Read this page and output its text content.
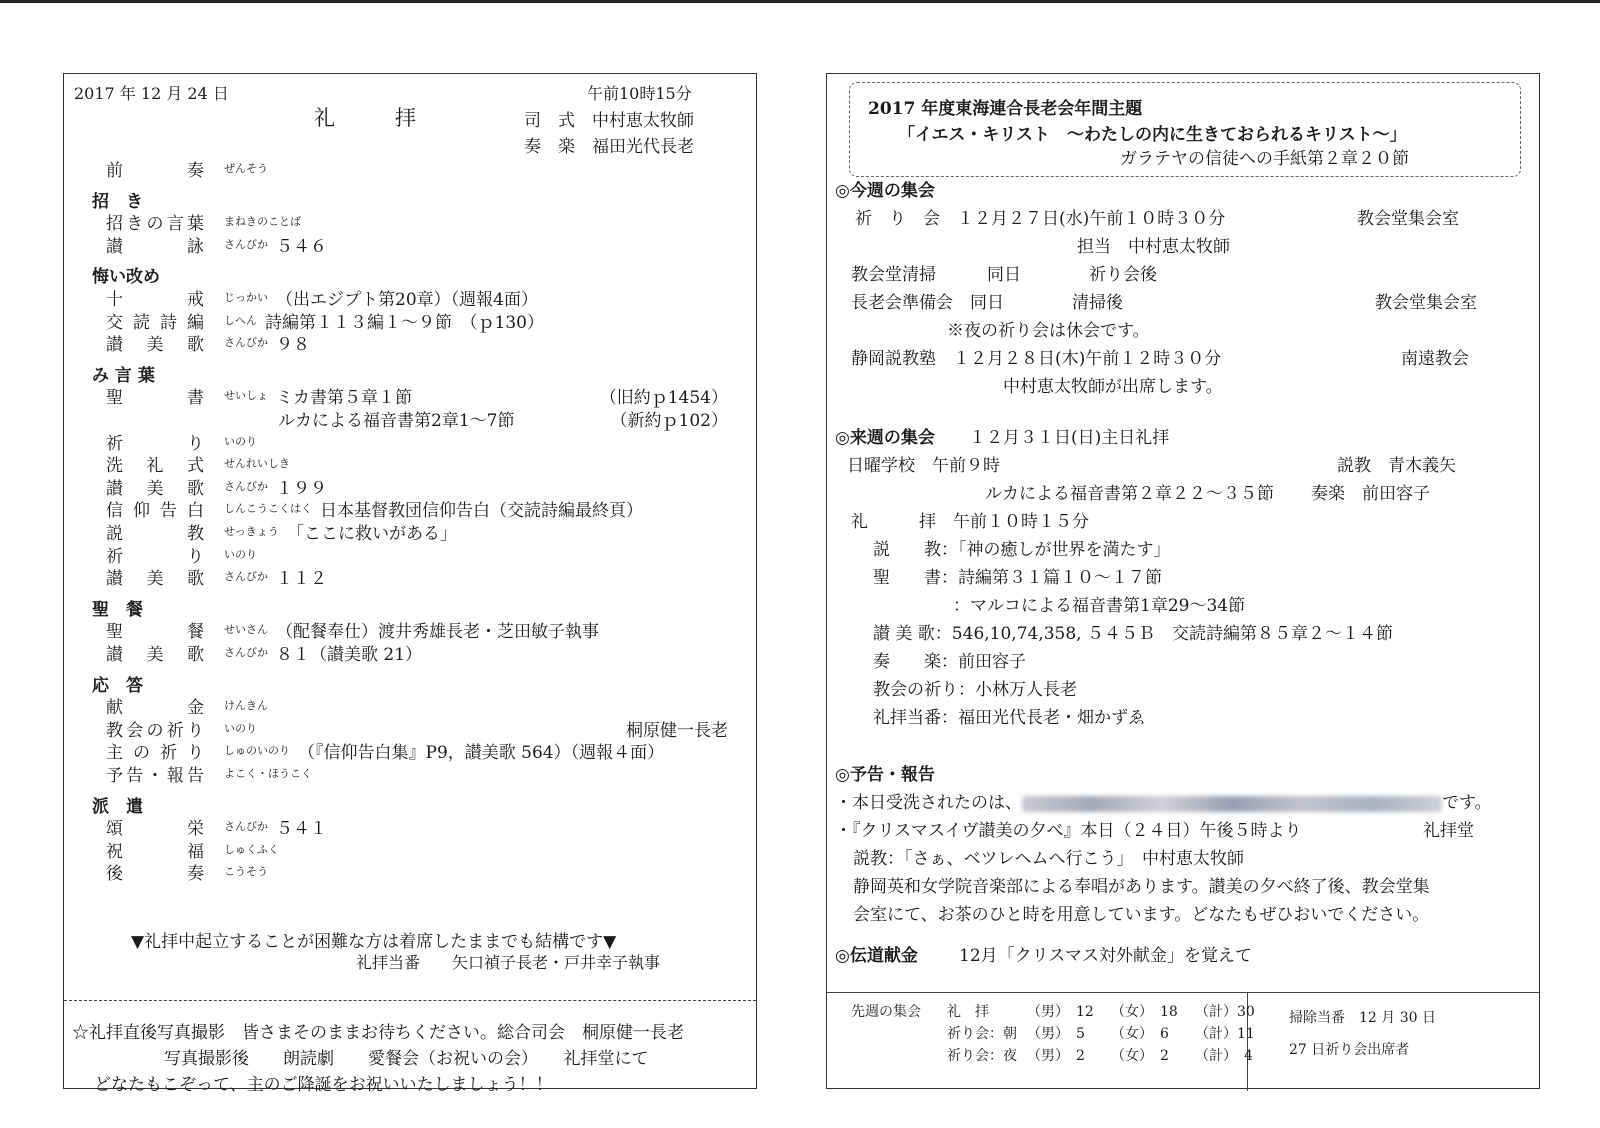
2017 年 12 月 24 日	午前10時15分
礼　　拝	司　式　中村恵太牧師
奏　楽　福田光代長老
前　　　奏 ぜんそう
招　き
招きの言葉 まねきのことば
讃　　　詠 さんびか ５４６
悔い改め
十　　　戒 じっかい （出エジプト第20章）（週報4面）
交読詩編 しへん 詩編第１１３編１～９節　（ｐ130）
讃　美　歌 さんびか ９８
み 言 葉
聖　　　書 せいしょ ミカ書第５章１節	（旧約ｐ1454）
ルカによる福音書第2章1～7節	（新約ｐ102）
祈　　　り いのり
洗　礼　式 せんれいしき
讃　美　歌 さんびか １９９
信仰告白 しんこうこくはく 日本基督教団信仰告白（交読詩編最終頁）
説　　　教 せっきょう 「ここに救いがある」
祈　　　り いのり
讃　美　歌 さんびか １１２
聖　餐
聖　　　餐 せいさん （配餐奉仕）渡井秀雄長老・芝田敏子執事
讃　美　歌 さんびか ８１（讃美歌 21）
応　答
献　　　金 けんきん
教会の祈り いのり	桐原健一長老
主の祈り しゅのいのり （『信仰告白集』P9，讃美歌 564）（週報４面）
予告・報告 よこく・ほうこく
派　遣
頌　　　栄 さんびか ５４１
祝　　　福 しゅくふく
後　　　奏 こうそう
▼礼拝中起立することが困難な方は着席したままでも結構です▼
礼拝当番　　矢口禎子長老・戸井幸子執事
☆礼拝直後写真撮影　皆さまそのままお待ちください。総合司会　桐原健一長老
写真撮影後　　朗読劇　　愛餐会（お祝いの会）　　礼拝堂にて
どなたもこぞって、主のご降誕をお祝いいたしましょう！！
2017 年度東海連合長老会年間主題
「イエス・キリスト　～わたしの内に生きておられるキリスト～」
ガラテヤの信徒への手紙第２章２０節
◎今週の集会
祈　り　会　１２月２７日(水)午前１０時３０分	教会堂集会室
担当　中村恵太牧師
教会堂清掃　　　同日　　　　祈り会後
長老会準備会　同日　　　　清掃後	教会堂集会室
※夜の祈り会は休会です。
静岡説教塾　１２月２８日(木)午前１２時３０分	南遠教会
中村恵太牧師が出席します。
◎来週の集会 １２月３１日(日)主日礼拝
日曜学校　午前９時	説教　青木義矢
ルカによる福音書第２章２２～３５節 奏楽　前田容子
礼　　　拝　午前１０時１５分
説　　教：「神の癒しが世界を満たす」
聖　　書：詩編第３１篇１０～１７節
：マルコによる福音書第1章29～34節
讃 美 歌：546,10,74,358, ５４５Ｂ　交読詩編第８５章２～１４節
奏　　楽：前田容子
教会の祈り：小林万人長老
礼拝当番：福田光代長老・畑かずゑ
◎予告・報告
・本日受洗されたのは、	です。
・『クリスマスイヴ讃美の夕べ』本日（２４日）午後５時より	礼拝堂
説教：「さぁ、ベツレヘムへ行こう」　中村恵太牧師
静岡英和女学院音楽部による奉唱があります。讃美の夕べ終了後、教会堂集
会室にて、お茶のひと時を用意しています。どなたもぜひおいでください。
◎伝道献金 12月「クリスマス対外献金」を覚えて
先週の集会 礼　拝	（男）　12 （女）　18 （計）30
祈り会：朝 （男）　5 （女）　6 （計）11
祈り会：夜 （男）　2 （女）　2 （計）　4
掃除当番　12 月 30 日
27 日祈り会出席者
